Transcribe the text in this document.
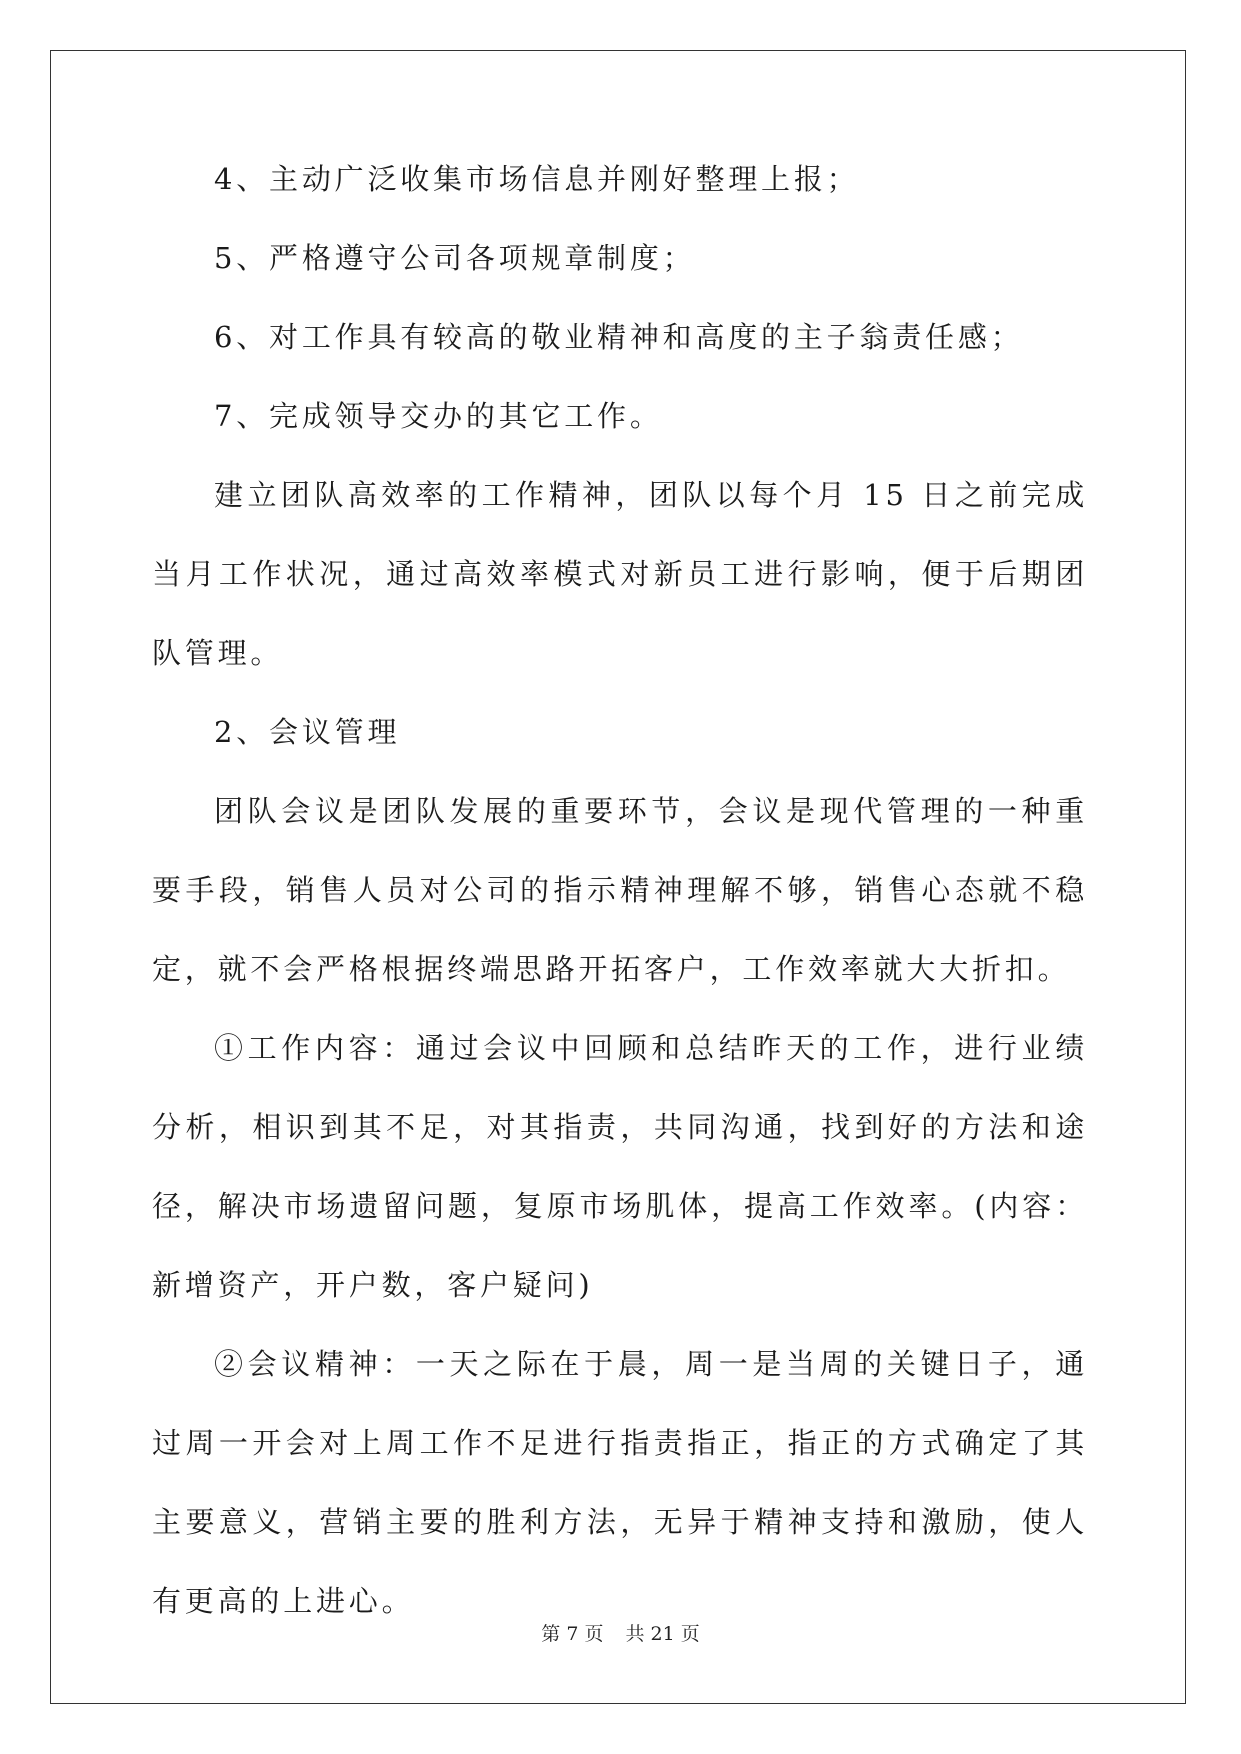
4、主动广泛收集市场信息并刚好整理上报；

5、严格遵守公司各项规章制度；

6、对工作具有较高的敬业精神和高度的主子翁责任感；

7、完成领导交办的其它工作。

建立团队高效率的工作精神，团队以每个月 15 日之前完成当月工作状况，通过高效率模式对新员工进行影响，便于后期团队管理。

2、会议管理

团队会议是团队发展的重要环节，会议是现代管理的一种重要手段，销售人员对公司的指示精神理解不够，销售心态就不稳定，就不会严格根据终端思路开拓客户，工作效率就大大折扣。

①工作内容：通过会议中回顾和总结昨天的工作，进行业绩分析，相识到其不足，对其指责，共同沟通，找到好的方法和途径，解决市场遗留问题，复原市场肌体，提高工作效率。(内容：新增资产，开户数，客户疑问)

②会议精神：一天之际在于晨，周一是当周的关键日子，通过周一开会对上周工作不足进行指责指正，指正的方式确定了其主要意义，营销主要的胜利方法，无异于精神支持和激励，使人有更高的上进心。

第 7 页 共 21 页
